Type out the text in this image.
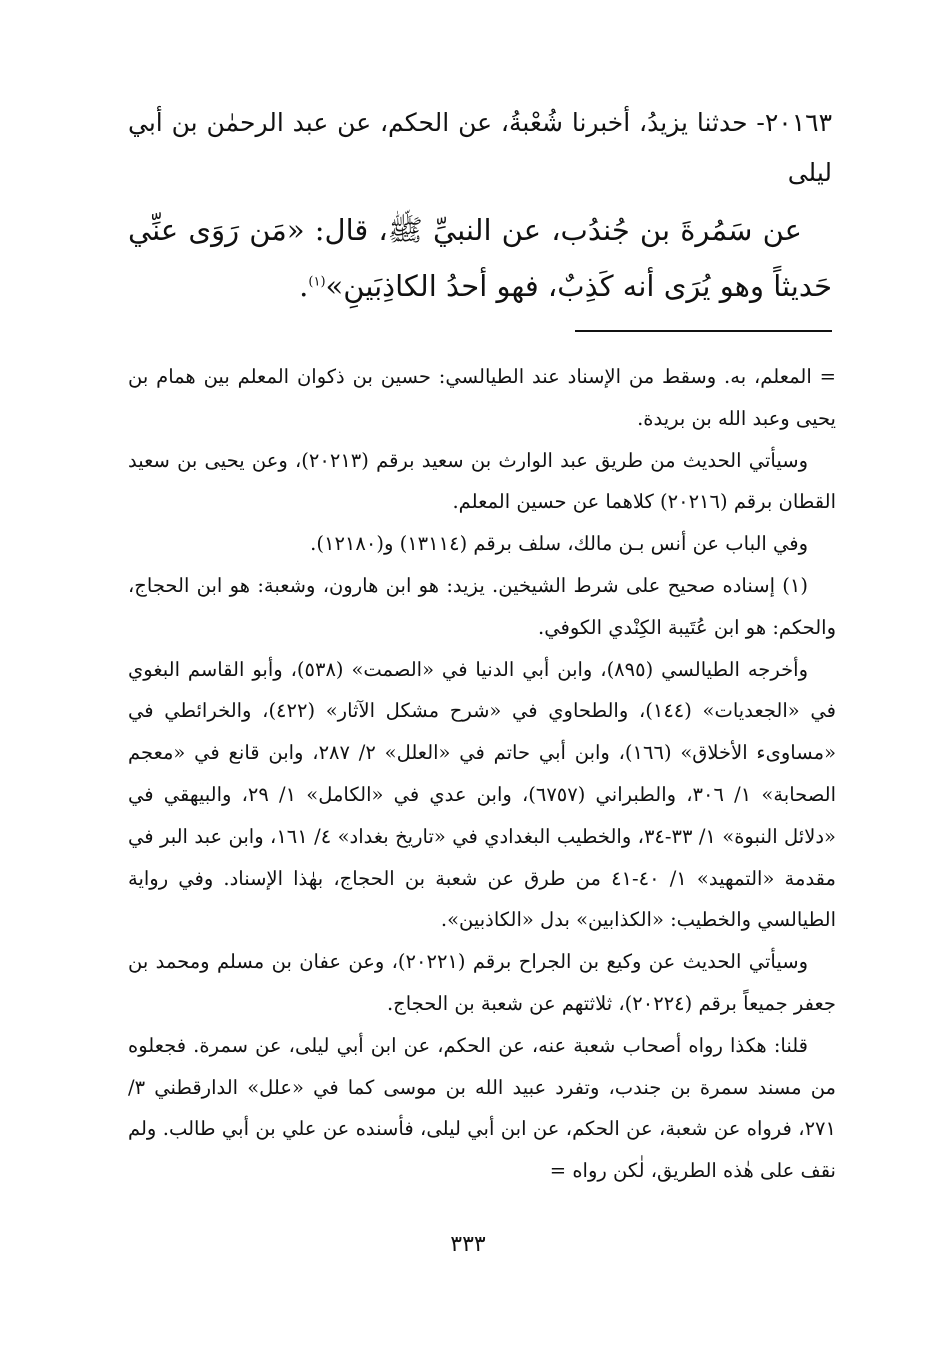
٢٠١٦٣- حدثنا يزيدُ، أخبرنا شُعْبةُ، عن الحكم، عن عبد الرحمٰن بن أبي ليلى

عن سَمُرةَ بن جُندُب، عن النبيِّ ﷺ، قال: «مَن رَوَى عنِّي حَديثاً وهو يُرَى أنه كَذِبٌ، فهو أحدُ الكاذِبَينِ»$^{(١)}$.

= المعلم، به. وسقط من الإسناد عند الطيالسي: حسين بن ذكوان المعلم بين همام بن يحيى وعبد الله بن بريدة.

وسيأتي الحديث من طريق عبد الوارث بن سعيد برقم (٢٠٢١٣)، وعن يحيى بن سعيد القطان برقم (٢٠٢١٦) كلاهما عن حسين المعلم.

وفي الباب عن أنس بـن مالك، سلف برقم (١٣١١٤) و(١٢١٨٠).

(١) إسناده صحيح على شرط الشيخين. يزيد: هو ابن هارون، وشعبة: هو ابن الحجاج، والحكم: هو ابن عُتَيبة الكِنْدي الكوفي.

وأخرجه الطيالسي (٨٩٥)، وابن أبي الدنيا في «الصمت» (٥٣٨)، وأبو القاسم البغوي في «الجعديات» (١٤٤)، والطحاوي في «شرح مشكل الآثار» (٤٢٢)، والخرائطي في «مساوىء الأخلاق» (١٦٦)، وابن أبي حاتم في «العلل» ٢/ ٢٨٧، وابن قانع في «معجم الصحابة» ١/ ٣٠٦، والطبراني (٦٧٥٧)، وابن عدي في «الكامل» ١/ ٢٩، والبيهقي في «دلائل النبوة» ١/ ٣٣-٣٤، والخطيب البغدادي في «تاريخ بغداد» ٤/ ١٦١، وابن عبد البر في مقدمة «التمهيد» ١/ ٤٠-٤١ من طرق عن شعبة بن الحجاج، بهٰذا الإسناد. وفي رواية الطيالسي والخطيب: «الكذابين» بدل «الكاذبين».

وسيأتي الحديث عن وكيع بن الجراح برقم (٢٠٢٢١)، وعن عفان بن مسلم ومحمد بن جعفر جميعاً برقم (٢٠٢٢٤)، ثلاثتهم عن شعبة بن الحجاج.

قلنا: هكذا رواه أصحاب شعبة عنه، عن الحكم، عن ابن أبي ليلى، عن سمرة. فجعلوه من مسند سمرة بن جندب، وتفرد عبيد الله بن موسى كما في «علل» الدارقطني ٣/ ٢٧١، فرواه عن شعبة، عن الحكم، عن ابن أبي ليلى، فأسنده عن علي بن أبي طالب. ولم نقف على هٰذه الطريق، لٰكن رواه =

٣٣٣
